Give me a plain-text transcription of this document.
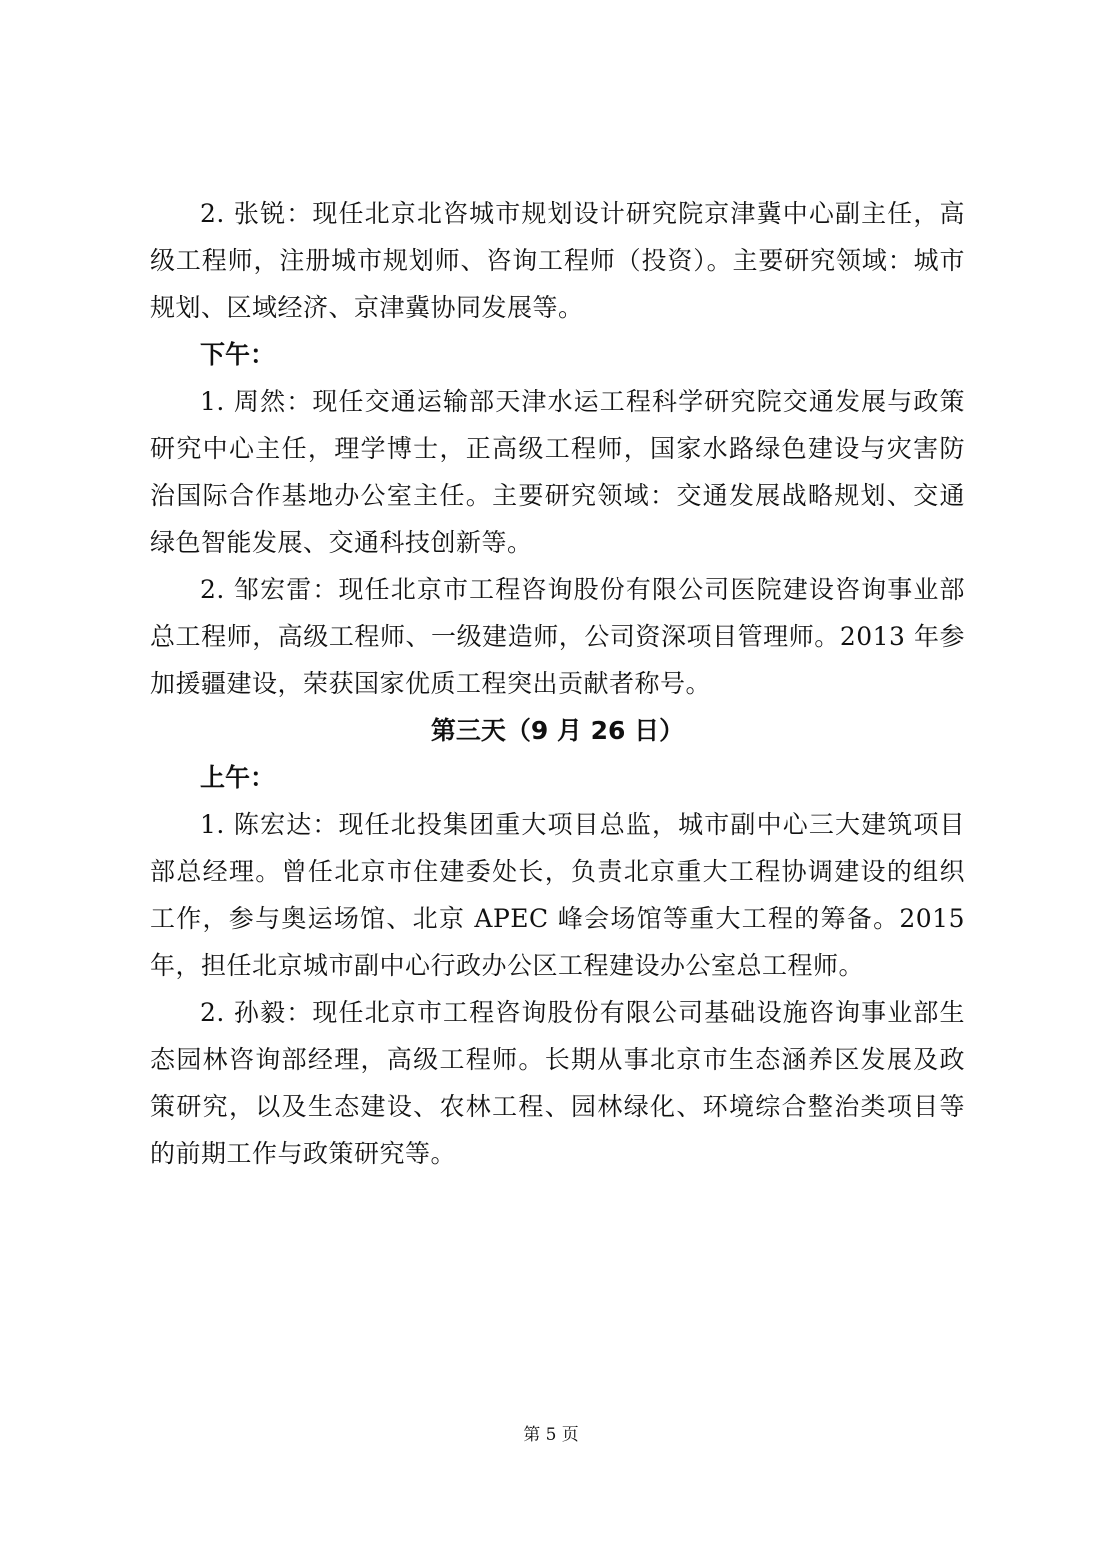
2. 张锐：现任北京北咨城市规划设计研究院京津冀中心副主任，高级工程师，注册城市规划师、咨询工程师（投资）。主要研究领域：城市规划、区域经济、京津冀协同发展等。

下午：

1. 周然：现任交通运输部天津水运工程科学研究院交通发展与政策研究中心主任，理学博士，正高级工程师，国家水路绿色建设与灾害防治国际合作基地办公室主任。主要研究领域：交通发展战略规划、交通绿色智能发展、交通科技创新等。

2. 邹宏雷：现任北京市工程咨询股份有限公司医院建设咨询事业部总工程师，高级工程师、一级建造师，公司资深项目管理师。2013 年参加援疆建设，荣获国家优质工程突出贡献者称号。

第三天（9 月 26 日）

上午：

1. 陈宏达：现任北投集团重大项目总监，城市副中心三大建筑项目部总经理。曾任北京市住建委处长，负责北京重大工程协调建设的组织工作，参与奥运场馆、北京 APEC 峰会场馆等重大工程的筹备。2015 年，担任北京城市副中心行政办公区工程建设办公室总工程师。

2. 孙毅：现任北京市工程咨询股份有限公司基础设施咨询事业部生态园林咨询部经理，高级工程师。长期从事北京市生态涵养区发展及政策研究，以及生态建设、农林工程、园林绿化、环境综合整治类项目等的前期工作与政策研究等。

第 5 页
